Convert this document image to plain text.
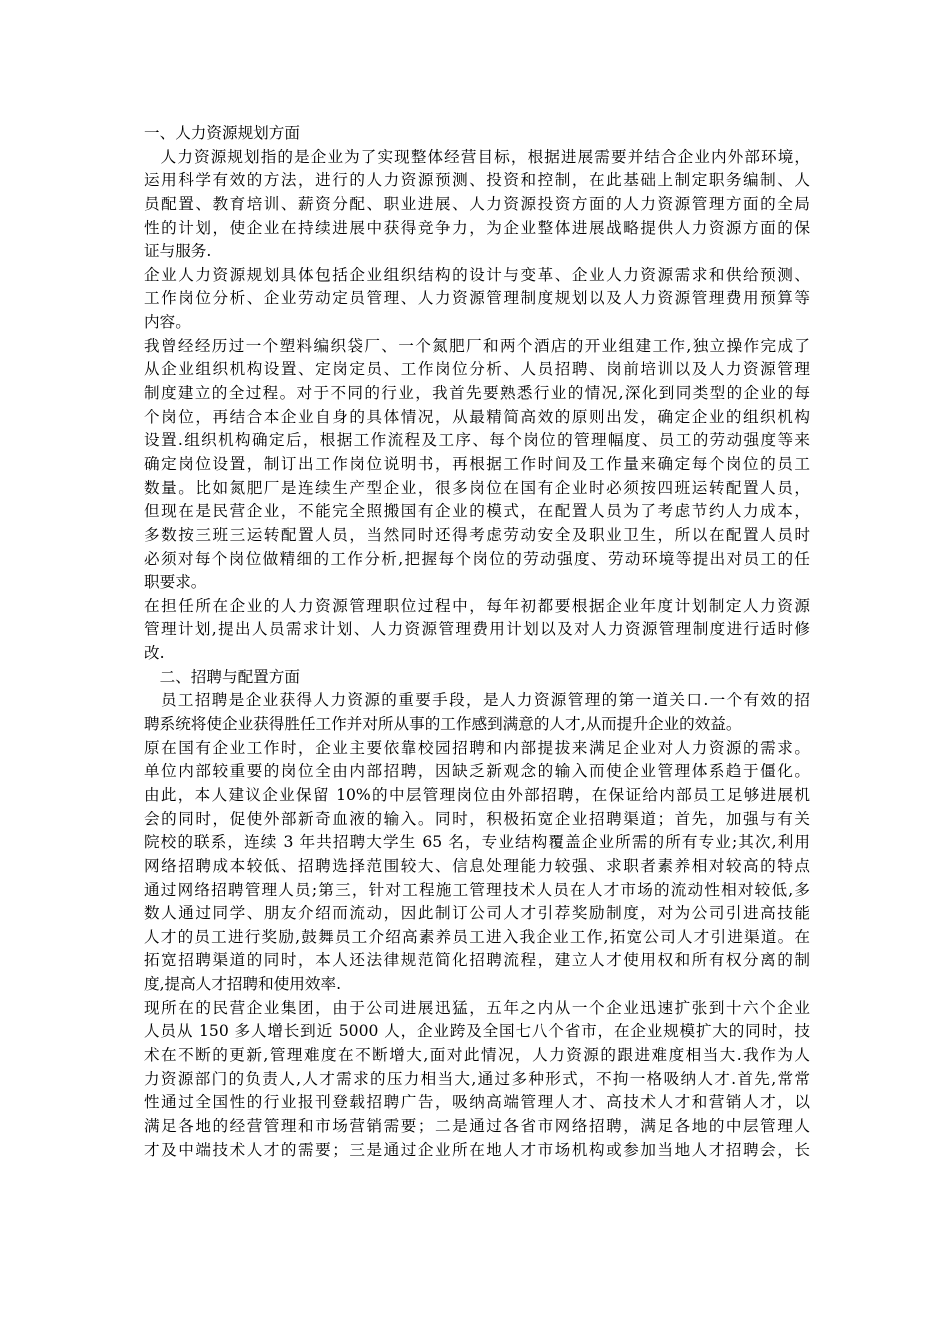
一、人力资源规划方面
　人力资源规划指的是企业为了实现整体经营目标，根据进展需要并结合企业内外部环境，
运用科学有效的方法，进行的人力资源预测、投资和控制，在此基础上制定职务编制、人
员配置、教育培训、薪资分配、职业进展、人力资源投资方面的人力资源管理方面的全局
性的计划，使企业在持续进展中获得竞争力，为企业整体进展战略提供人力资源方面的保
证与服务.
企业人力资源规划具体包括企业组织结构的设计与变革、企业人力资源需求和供给预测、
工作岗位分析、企业劳动定员管理、人力资源管理制度规划以及人力资源管理费用预算等
内容。
我曾经经历过一个塑料编织袋厂、一个氮肥厂和两个酒店的开业组建工作,独立操作完成了
从企业组织机构设置、定岗定员、工作岗位分析、人员招聘、岗前培训以及人力资源管理
制度建立的全过程。对于不同的行业，我首先要熟悉行业的情况,深化到同类型的企业的每
个岗位，再结合本企业自身的具体情况，从最精简高效的原则出发，确定企业的组织机构
设置.组织机构确定后，根据工作流程及工序、每个岗位的管理幅度、员工的劳动强度等来
确定岗位设置，制订出工作岗位说明书，再根据工作时间及工作量来确定每个岗位的员工
数量。比如氮肥厂是连续生产型企业，很多岗位在国有企业时必须按四班运转配置人员，
但现在是民营企业，不能完全照搬国有企业的模式，在配置人员为了考虑节约人力成本，
多数按三班三运转配置人员，当然同时还得考虑劳动安全及职业卫生，所以在配置人员时
必须对每个岗位做精细的工作分析,把握每个岗位的劳动强度、劳动环境等提出对员工的任
职要求。
在担任所在企业的人力资源管理职位过程中，每年初都要根据企业年度计划制定人力资源
管理计划,提出人员需求计划、人力资源管理费用计划以及对人力资源管理制度进行适时修
改.
　二、招聘与配置方面
　员工招聘是企业获得人力资源的重要手段，是人力资源管理的第一道关口.一个有效的招
聘系统将使企业获得胜任工作并对所从事的工作感到满意的人才,从而提升企业的效益。
原在国有企业工作时，企业主要依靠校园招聘和内部提拔来满足企业对人力资源的需求。
单位内部较重要的岗位全由内部招聘，因缺乏新观念的输入而使企业管理体系趋于僵化。
由此，本人建议企业保留 10%的中层管理岗位由外部招聘，在保证给内部员工足够进展机
会的同时，促使外部新奇血液的输入。同时，积极拓宽企业招聘渠道；首先，加强与有关
院校的联系，连续 3 年共招聘大学生 65 名，专业结构覆盖企业所需的所有专业;其次,利用
网络招聘成本较低、招聘选择范围较大、信息处理能力较强、求职者素养相对较高的特点
通过网络招聘管理人员;第三，针对工程施工管理技术人员在人才市场的流动性相对较低,多
数人通过同学、朋友介绍而流动，因此制订公司人才引荐奖励制度，对为公司引进高技能
人才的员工进行奖励,鼓舞员工介绍高素养员工进入我企业工作,拓宽公司人才引进渠道。在
拓宽招聘渠道的同时，本人还法律规范简化招聘流程，建立人才使用权和所有权分离的制
度,提高人才招聘和使用效率.
现所在的民营企业集团，由于公司进展迅猛，五年之内从一个企业迅速扩张到十六个企业
人员从 150 多人增长到近 5000 人，企业跨及全国七八个省市，在企业规模扩大的同时，技
术在不断的更新,管理难度在不断增大,面对此情况，人力资源的跟进难度相当大.我作为人
力资源部门的负责人,人才需求的压力相当大,通过多种形式，不拘一格吸纳人才.首先,常常
性通过全国性的行业报刊登载招聘广告，吸纳高端管理人才、高技术人才和营销人才，以
满足各地的经营管理和市场营销需要；二是通过各省市网络招聘，满足各地的中层管理人
才及中端技术人才的需要；三是通过企业所在地人才市场机构或参加当地人才招聘会，长
